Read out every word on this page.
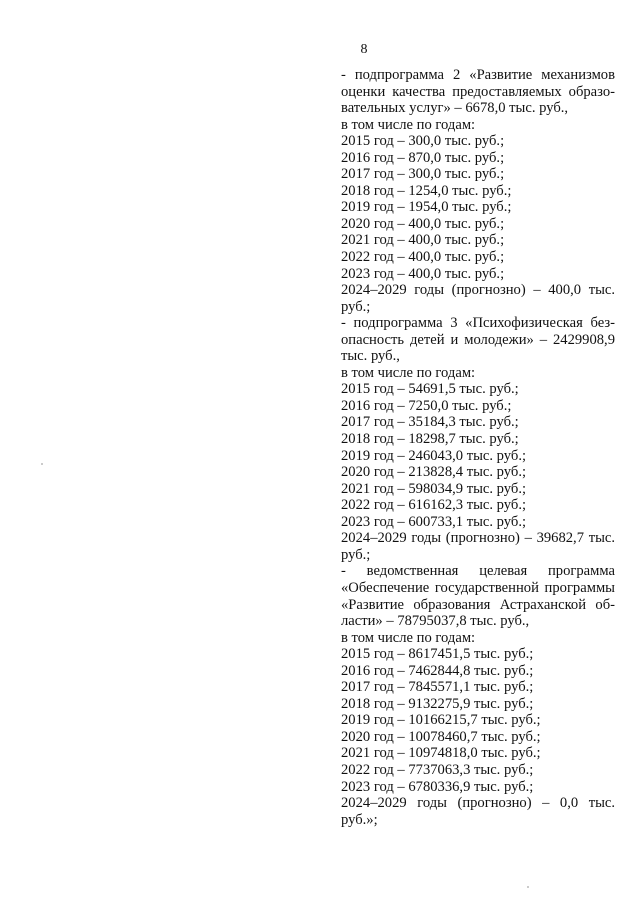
8
- подпрограмма 2 «Развитие механизмов
оценки качества предоставляемых образо-
вательных услуг» – 6678,0 тыс. руб.,
в том числе по годам:
2015 год – 300,0 тыс. руб.;
2016 год – 870,0 тыс. руб.;
2017 год – 300,0 тыс. руб.;
2018 год – 1254,0 тыс. руб.;
2019 год – 1954,0 тыс. руб.;
2020 год – 400,0 тыс. руб.;
2021 год – 400,0 тыс. руб.;
2022 год – 400,0 тыс. руб.;
2023 год – 400,0 тыс. руб.;
2024–2029 годы (прогнозно) – 400,0 тыс.
руб.;
- подпрограмма 3 «Психофизическая без-
опасность детей и молодежи» – 2429908,9
тыс. руб.,
в том числе по годам:
2015 год – 54691,5 тыс. руб.;
2016 год – 7250,0 тыс. руб.;
2017 год – 35184,3 тыс. руб.;
2018 год – 18298,7 тыс. руб.;
2019 год – 246043,0 тыс. руб.;
2020 год – 213828,4 тыс. руб.;
2021 год – 598034,9 тыс. руб.;
2022 год – 616162,3 тыс. руб.;
2023 год – 600733,1 тыс. руб.;
2024–2029 годы (прогнозно) – 39682,7 тыс.
руб.;
- ведомственная целевая программа
«Обеспечение государственной программы
«Развитие образования Астраханской об-
ласти» – 78795037,8 тыс. руб.,
в том числе по годам:
2015 год – 8617451,5 тыс. руб.;
2016 год – 7462844,8 тыс. руб.;
2017 год – 7845571,1 тыс. руб.;
2018 год – 9132275,9 тыс. руб.;
2019 год – 10166215,7 тыс. руб.;
2020 год – 10078460,7 тыс. руб.;
2021 год – 10974818,0 тыс. руб.;
2022 год – 7737063,3 тыс. руб.;
2023 год – 6780336,9 тыс. руб.;
2024–2029 годы (прогнозно) – 0,0 тыс.
руб.»;
